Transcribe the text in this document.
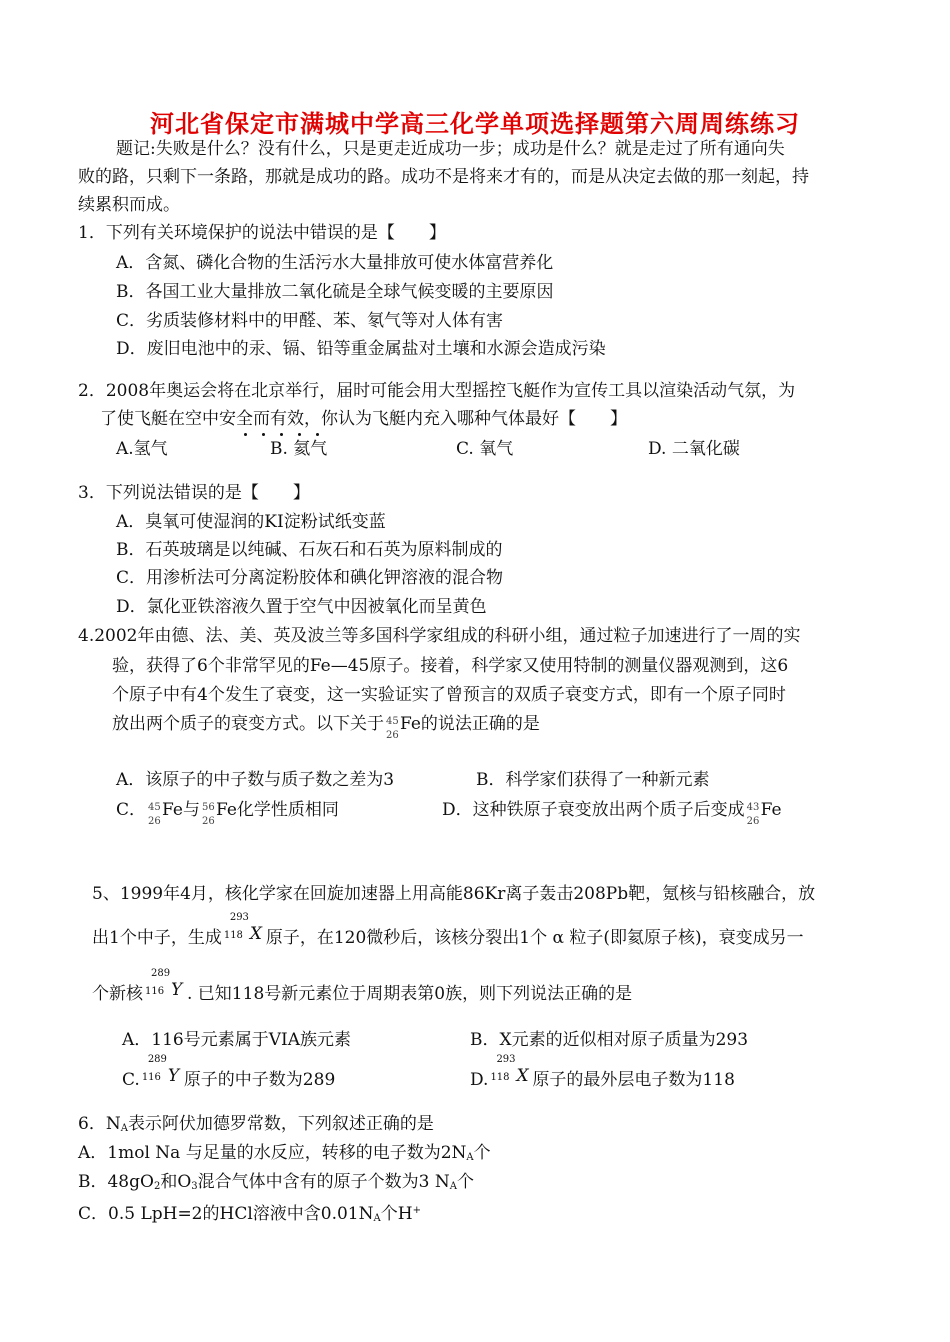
河北省保定市满城中学高三化学单项选择题第六周周练练习
题记:失败是什么？没有什么，只是更走近成功一步；成功是什么？就是走过了所有通向失
败的路，只剩下一条路，那就是成功的路。成功不是将来才有的，而是从决定去做的那一刻起，持
续累积而成。
1．下列有关环境保护的说法中错误的是【　　】
A．含氮、磷化合物的生活污水大量排放可使水体富营养化
B．各国工业大量排放二氧化硫是全球气候变暖的主要原因
C．劣质装修材料中的甲醛、苯、氡气等对人体有害
D．废旧电池中的汞、镉、铅等重金属盐对土壤和水源会造成污染
2．2008年奥运会将在北京举行，届时可能会用大型摇控飞艇作为宣传工具以渲染活动气氛，为
了使飞艇在空中安全而有效，你认为飞艇内充入哪种气体最好【　　】
A.氢气	B. 氦气	C. 氧气	D. 二氧化碳
3．下列说法错误的是【　　】
A．臭氧可使湿润的KI淀粉试纸变蓝
B．石英玻璃是以纯碱、石灰石和石英为原料制成的
C．用渗析法可分离淀粉胶体和碘化钾溶液的混合物
D．氯化亚铁溶液久置于空气中因被氧化而呈黄色
4.2002年由德、法、美、英及波兰等多国科学家组成的科研小组，通过粒子加速进行了一周的实
验，获得了6个非常罕见的Fe—45原子。接着，科学家又使用特制的测量仪器观测到，这6
个原子中有4个发生了衰变，这一实验证实了曾预言的双质子衰变方式，即有一个原子同时
放出两个质子的衰变方式。以下关于 45
26
Fe的说法正确的是
A．该原子的中子数与质子数之差为3	B．科学家们获得了一种新元素
C． 45
26
Fe与 56
26
Fe化学性质相同	D．这种铁原子衰变放出两个质子后变成 43
26
Fe
5、1999年4月，核化学家在回旋加速器上用高能86Kr离子轰击208Pb靶，氪核与铅核融合，放
出1个中子，生成
293
118 X 原子，在120微秒后，该核分裂出1个 α 粒子(即氦原子核)，衰变成另一
个新核
289
116 Y . 已知118号新元素位于周期表第0族，则下列说法正确的是
A．116号元素属于VIA族元素	B．X元素的近似相对原子质量为293
C.
289
116 Y 原子的中子数为289	D.
293
118 X 原子的最外层电子数为118
6．NA表示阿伏加德罗常数，下列叙述正确的是
A．1mol Na 与足量的水反应，转移的电子数为2NA个
B．48gO2和O3混合气体中含有的原子个数为3 NA个
C．0.5 LpH=2的HCl溶液中含0.01NA个H+
